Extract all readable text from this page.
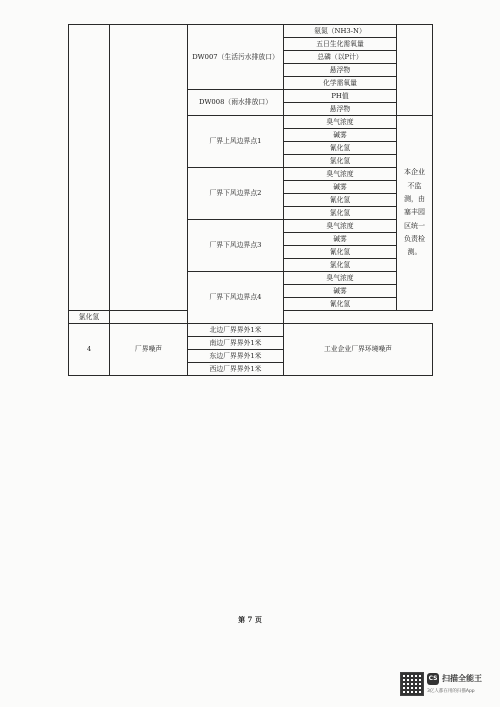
		DW007（生活污水排放口）	氨氮（NH3-N）	
			五日生化需氧量	
			总磷（以P计）	
			悬浮物	
			化学需氧量	
		DW008（雨水排放口）	PH值	
			悬浮物	
		厂界上风边界点1	臭气浓度	本企业不监测，由塞丰园区统一负责检测。
			碱雾	
			氰化氢	
			氯化氢	
		厂界下风边界点2	臭气浓度	
			碱雾	
			氰化氢	
			氯化氢	
		厂界下风边界点3	臭气浓度	
			碱雾	
			氰化氢	
			氯化氢	
		厂界下风边界点4	臭气浓度	
			碱雾	
			氰化氢	
氯化氢				
4	厂界噪声	北边厂界界外1米	工业企业厂界环境噪声	
		南边厂界界外1米		
		东边厂界界外1米		
		西边厂界界外1米		
第 7 页
CS 扫描全能王
3亿人都在用的扫描App
